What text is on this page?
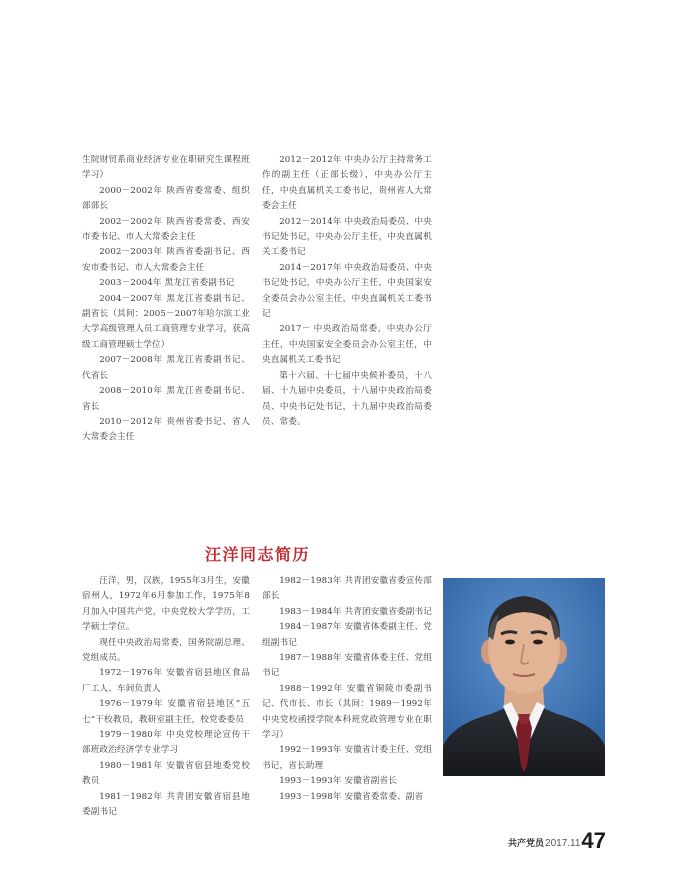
生院财贸系商业经济专业在职研究生课程班学习）

2000－2002年 陕西省委常委、组织部部长

2002－2002年 陕西省委常委、西安市委书记、市人大常委会主任

2002－2003年 陕西省委副书记、西安市委书记、市人大常委会主任

2003－2004年 黑龙江省委副书记

2004－2007年 黑龙江省委副书记、副省长（其间：2005－2007年哈尔滨工业大学高级管理人员工商管理专业学习，获高级工商管理硕士学位）

2007－2008年 黑龙江省委副书记、代省长

2008－2010年 黑龙江省委副书记、省长

2010－2012年 贵州省委书记、省人大常委会主任

2012－2012年 中央办公厅主持常务工作的副主任（正部长级），中央办公厅主任，中央直属机关工委书记，贵州省人大常委会主任

2012－2014年 中央政治局委员、中央书记处书记，中央办公厅主任，中央直属机关工委书记

2014－2017年 中央政治局委员、中央书记处书记，中央办公厅主任，中央国家安全委员会办公室主任，中央直属机关工委书记

2017－ 中央政治局常委，中央办公厅主任，中央国家安全委员会办公室主任，中央直属机关工委书记

第十六届、十七届中央候补委员，十八届、十九届中央委员，十八届中央政治局委员、中央书记处书记，十九届中央政治局委员、常委。

汪洋同志简历

汪洋，男，汉族，1955年3月生，安徽宿州人，1972年6月参加工作，1975年8月加入中国共产党，中央党校大学学历，工学硕士学位。

现任中央政治局常委，国务院副总理、党组成员。

1972－1976年 安徽省宿县地区食品厂工人、车间负责人

1976－1979年 安徽省宿县地区“五七”干校教员，教研室副主任，校党委委员

1979－1980年 中央党校理论宣传干部班政治经济学专业学习

1980－1981年 安徽省宿县地委党校教员

1981－1982年 共青团安徽省宿县地委副书记

1982－1983年 共青团安徽省委宣传部部长

1983－1984年 共青团安徽省委副书记

1984－1987年 安徽省体委副主任、党组副书记

1987－1988年 安徽省体委主任、党组书记

1988－1992年 安徽省铜陵市委副书记、代市长、市长（其间：1989－1992年中央党校函授学院本科班党政管理专业在职学习）

1992－1993年 安徽省计委主任、党组书记，省长助理

1993－1993年 安徽省副省长

1993－1998年 安徽省委常委、副省

共产党员 2017.11 47
